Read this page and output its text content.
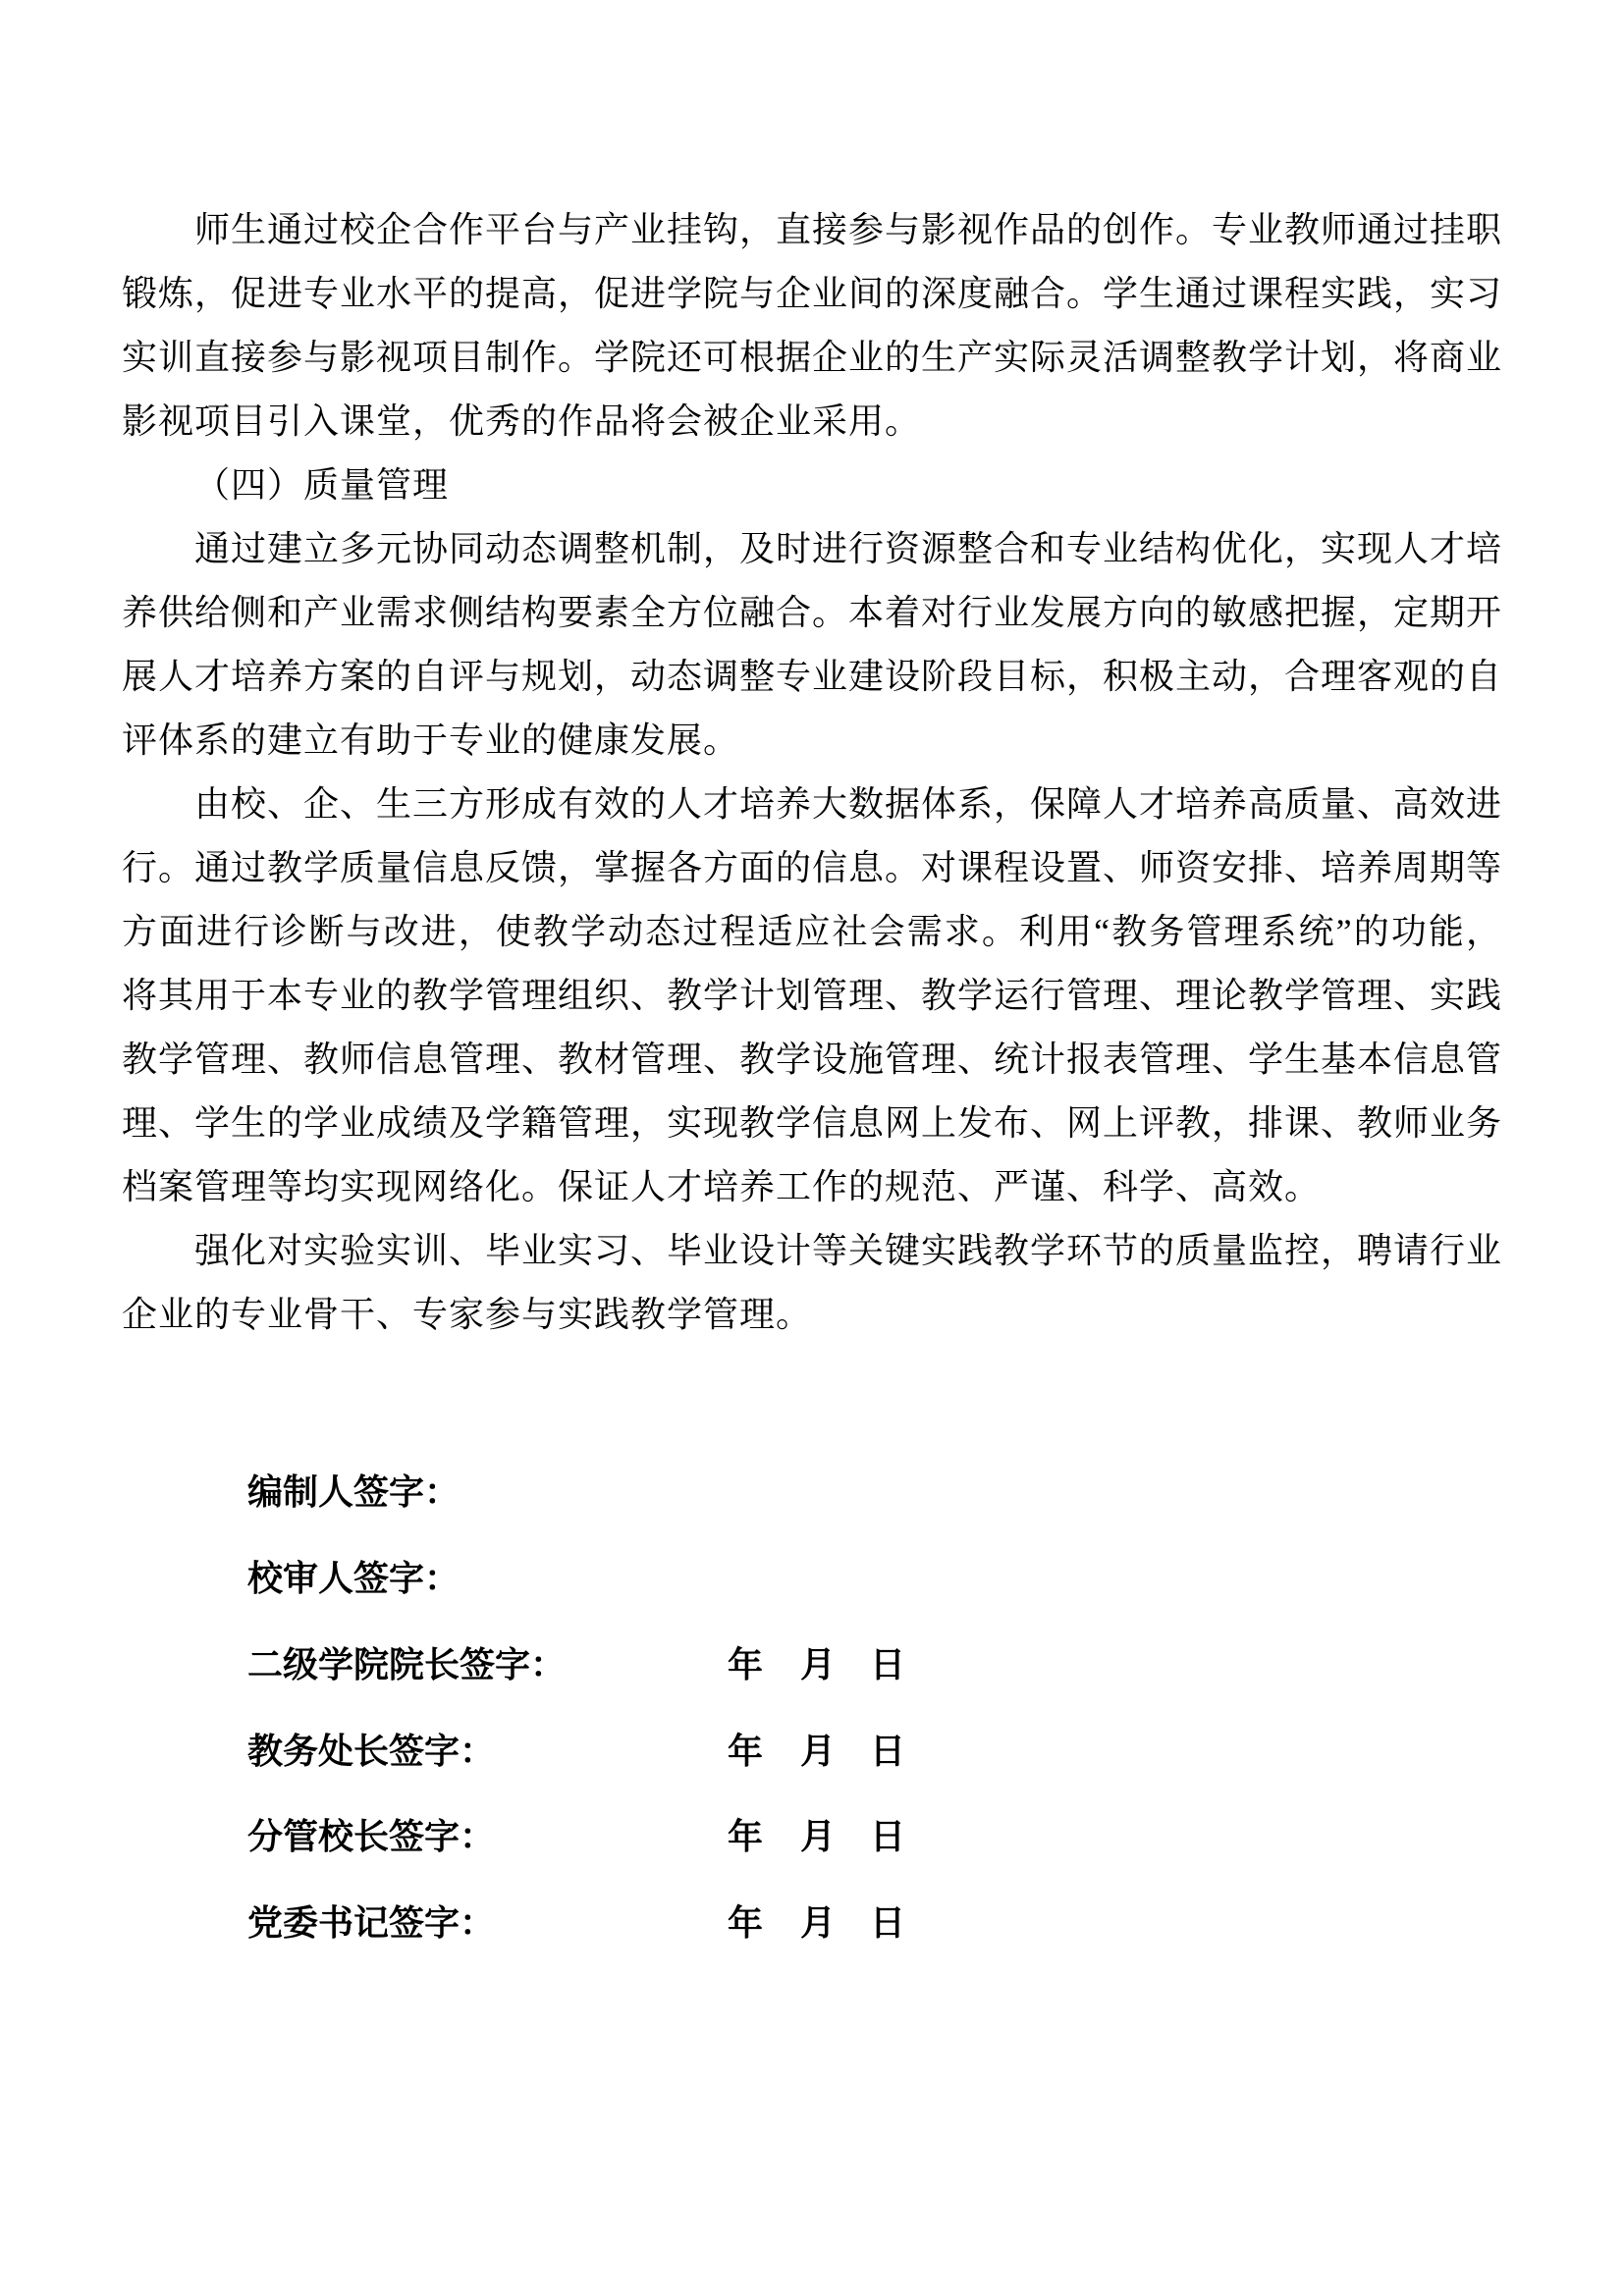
师生通过校企合作平台与产业挂钩，直接参与影视作品的创作。专业教师通过挂职
锻炼，促进专业水平的提高，促进学院与企业间的深度融合。学生通过课程实践，实习
实训直接参与影视项目制作。学院还可根据企业的生产实际灵活调整教学计划，将商业
影视项目引入课堂，优秀的作品将会被企业采用。
（四）质量管理
通过建立多元协同动态调整机制，及时进行资源整合和专业结构优化，实现人才培
养供给侧和产业需求侧结构要素全方位融合。本着对行业发展方向的敏感把握，定期开
展人才培养方案的自评与规划，动态调整专业建设阶段目标，积极主动，合理客观的自
评体系的建立有助于专业的健康发展。
由校、企、生三方形成有效的人才培养大数据体系，保障人才培养高质量、高效进
行。通过教学质量信息反馈，掌握各方面的信息。对课程设置、师资安排、培养周期等
方面进行诊断与改进，使教学动态过程适应社会需求。利用“教务管理系统”的功能，
将其用于本专业的教学管理组织、教学计划管理、教学运行管理、理论教学管理、实践
教学管理、教师信息管理、教材管理、教学设施管理、统计报表管理、学生基本信息管
理、学生的学业成绩及学籍管理，实现教学信息网上发布、网上评教，排课、教师业务
档案管理等均实现网络化。保证人才培养工作的规范、严谨、科学、高效。
强化对实验实训、毕业实习、毕业设计等关键实践教学环节的质量监控，聘请行业
企业的专业骨干、专家参与实践教学管理。
编制人签字：
校审人签字：
二级学院院长签字：	年 月 日
教务处长签字：	年 月 日
分管校长签字：	年 月 日
党委书记签字：	年 月 日
